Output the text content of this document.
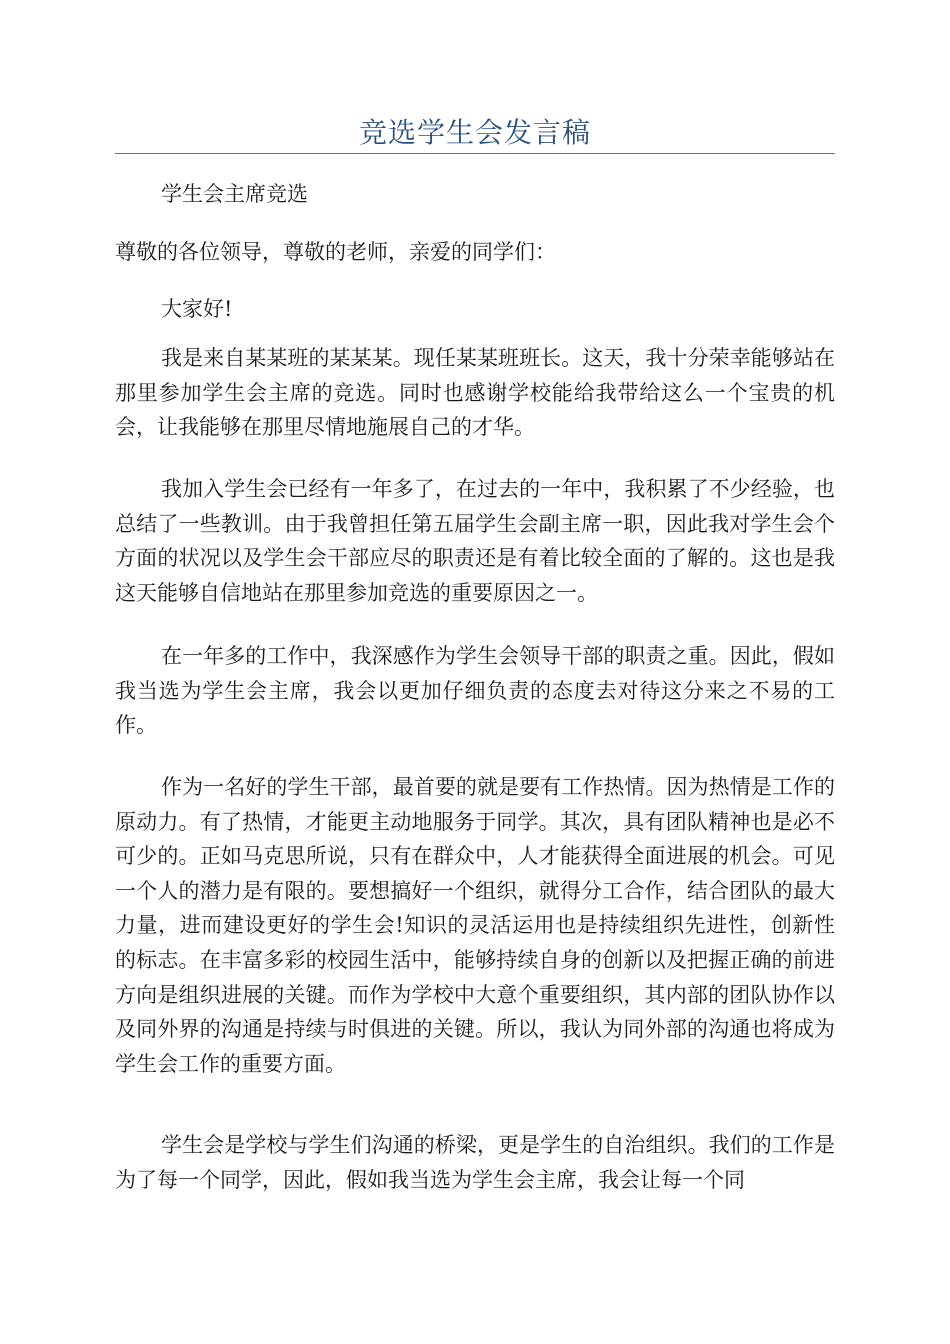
竞选学生会发言稿

学生会主席竞选

尊敬的各位领导，尊敬的老师，亲爱的同学们：

大家好!

我是来自某某班的某某某。现任某某班班长。这天，我十分荣幸能够站在那里参加学生会主席的竞选。同时也感谢学校能给我带给这么一个宝贵的机会，让我能够在那里尽情地施展自己的才华。

我加入学生会已经有一年多了，在过去的一年中，我积累了不少经验，也总结了一些教训。由于我曾担任第五届学生会副主席一职，因此我对学生会个方面的状况以及学生会干部应尽的职责还是有着比较全面的了解的。这也是我这天能够自信地站在那里参加竞选的重要原因之一。

在一年多的工作中，我深感作为学生会领导干部的职责之重。因此，假如我当选为学生会主席，我会以更加仔细负责的态度去对待这分来之不易的工作。

作为一名好的学生干部，最首要的就是要有工作热情。因为热情是工作的原动力。有了热情，才能更主动地服务于同学。其次，具有团队精神也是必不可少的。正如马克思所说，只有在群众中，人才能获得全面进展的机会。可见一个人的潜力是有限的。要想搞好一个组织，就得分工合作，结合团队的最大力量，进而建设更好的学生会!知识的灵活运用也是持续组织先进性，创新性的标志。在丰富多彩的校园生活中，能够持续自身的创新以及把握正确的前进方向是组织进展的关键。而作为学校中大意个重要组织，其内部的团队协作以及同外界的沟通是持续与时俱进的关键。所以，我认为同外部的沟通也将成为学生会工作的重要方面。

学生会是学校与学生们沟通的桥梁，更是学生的自治组织。我们的工作是为了每一个同学，因此，假如我当选为学生会主席，我会让每一个同
